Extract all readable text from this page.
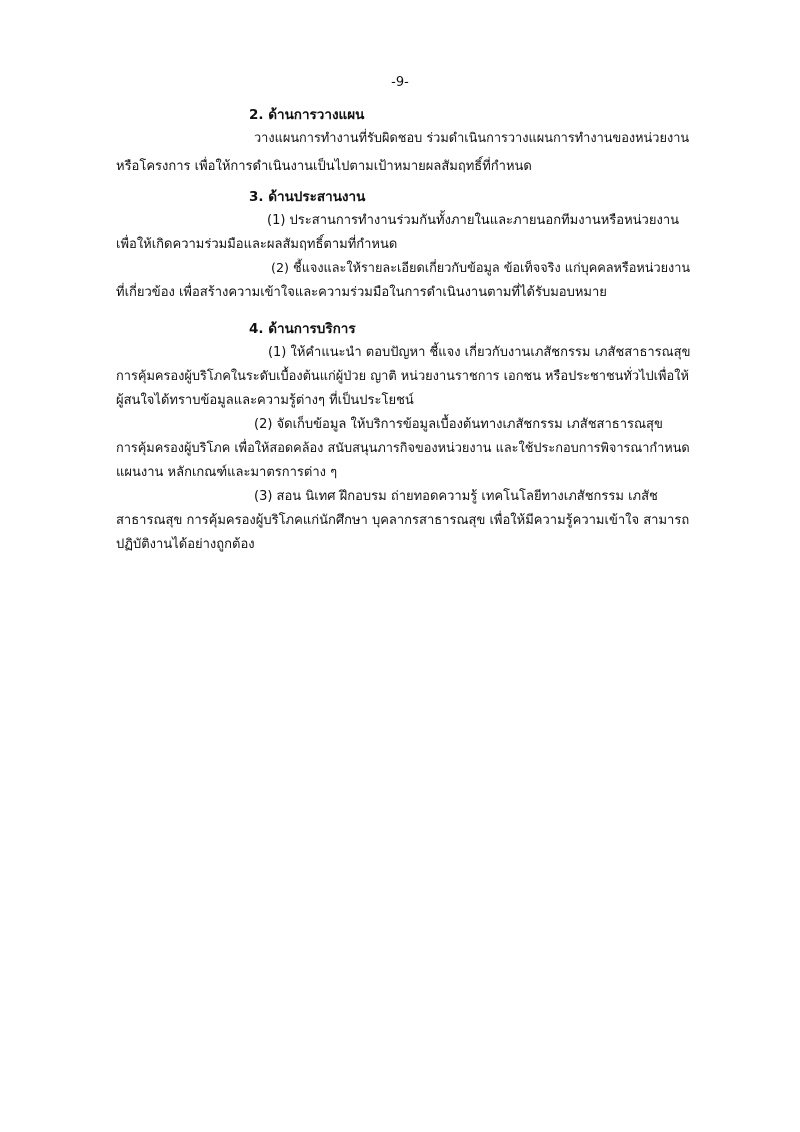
-9-
2. ด้านการวางแผน
วางแผนการทำงานที่รับผิดชอบ ร่วมดำเนินการวางแผนการทำงานของหน่วยงาน
หรือโครงการ เพื่อให้การดำเนินงานเป็นไปตามเป้าหมายผลสัมฤทธิ์ที่กำหนด
3. ด้านประสานงาน
(1) ประสานการทำงานร่วมกันทั้งภายในและภายนอกทีมงานหรือหน่วยงาน
เพื่อให้เกิดความร่วมมือและผลสัมฤทธิ์ตามที่กำหนด
(2) ชี้แจงและให้รายละเอียดเกี่ยวกับข้อมูล ข้อเท็จจริง แก่บุคคลหรือหน่วยงาน
ที่เกี่ยวข้อง เพื่อสร้างความเข้าใจและความร่วมมือในการดำเนินงานตามที่ได้รับมอบหมาย
4. ด้านการบริการ
(1) ให้คำแนะนำ ตอบปัญหา ชี้แจง เกี่ยวกับงานเภสัชกรรม เภสัชสาธารณสุข
การคุ้มครองผู้บริโภคในระดับเบื้องต้นแก่ผู้ป่วย ญาติ หน่วยงานราชการ เอกชน หรือประชาชนทั่วไปเพื่อให้
ผู้สนใจได้ทราบข้อมูลและความรู้ต่างๆ ที่เป็นประโยชน์
(2) จัดเก็บข้อมูล ให้บริการข้อมูลเบื้องต้นทางเภสัชกรรม เภสัชสาธารณสุข
การคุ้มครองผู้บริโภค เพื่อให้สอดคล้อง สนับสนุนภารกิจของหน่วยงาน และใช้ประกอบการพิจารณากำหนด
แผนงาน หลักเกณฑ์และมาตรการต่าง ๆ
(3) สอน นิเทศ ฝึกอบรม ถ่ายทอดความรู้ เทคโนโลยีทางเภสัชกรรม เภสัช
สาธารณสุข การคุ้มครองผู้บริโภคแก่นักศึกษา บุคลากรสาธารณสุข เพื่อให้มีความรู้ความเข้าใจ สามารถ
ปฏิบัติงานได้อย่างถูกต้อง
